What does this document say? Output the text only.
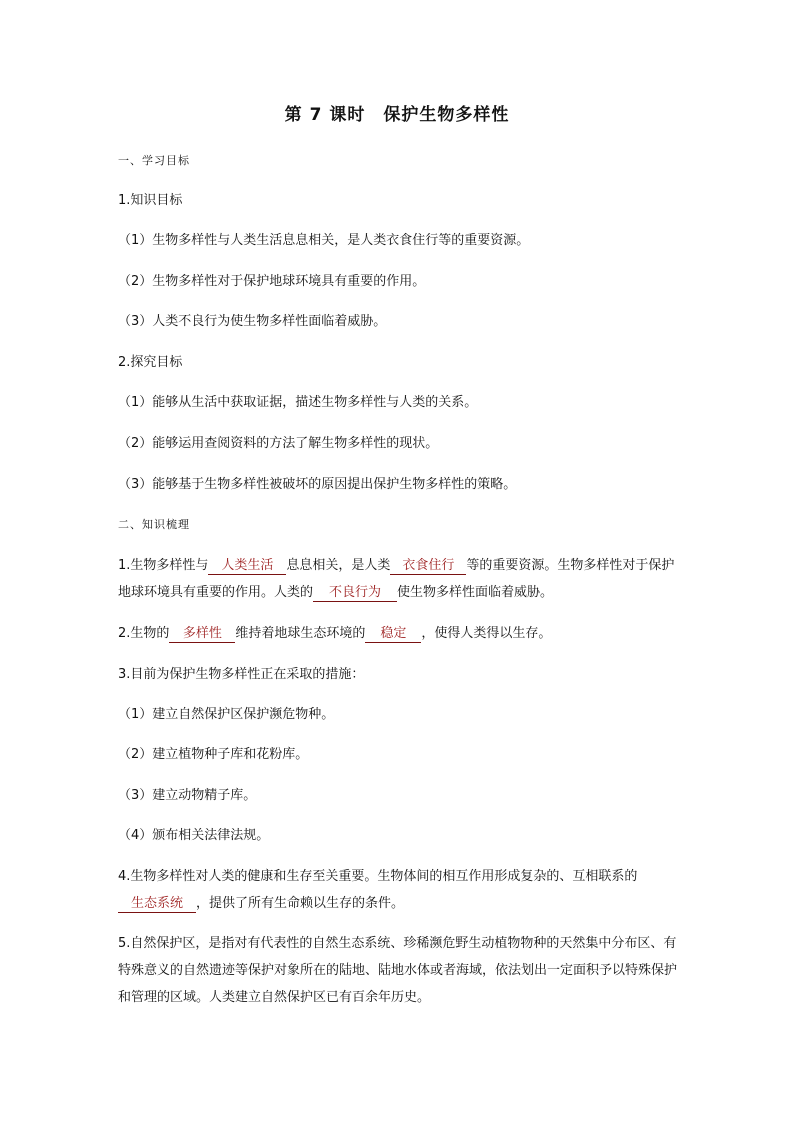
第 7 课时　保护生物多样性
一、学习目标
1.知识目标
（1）生物多样性与人类生活息息相关，是人类衣食住行等的重要资源。
（2）生物多样性对于保护地球环境具有重要的作用。
（3）人类不良行为使生物多样性面临着威胁。
2.探究目标
（1）能够从生活中获取证据，描述生物多样性与人类的关系。
（2）能够运用查阅资料的方法了解生物多样性的现状。
（3）能够基于生物多样性被破坏的原因提出保护生物多样性的策略。
二、知识梳理
1.生物多样性与 人类生活 息息相关，是人类 衣食住行 等的重要资源。生物多样性对于保护地球环境具有重要的作用。人类的 不良行为 使生物多样性面临着威胁。
2.生物的 多样性 维持着地球生态环境的 稳定 ，使得人类得以生存。
3.目前为保护生物多样性正在采取的措施：
（1）建立自然保护区保护濒危物种。
（2）建立植物种子库和花粉库。
（3）建立动物精子库。
（4）颁布相关法律法规。
4.生物多样性对人类的健康和生存至关重要。生物体间的相互作用形成复杂的、互相联系的生态系统 ，提供了所有生命赖以生存的条件。
5.自然保护区，是指对有代表性的自然生态系统、珍稀濒危野生动植物物种的天然集中分布区、有特殊意义的自然遗迹等保护对象所在的陆地、陆地水体或者海域，依法划出一定面积予以特殊保护和管理的区域。人类建立自然保护区已有百余年历史。
